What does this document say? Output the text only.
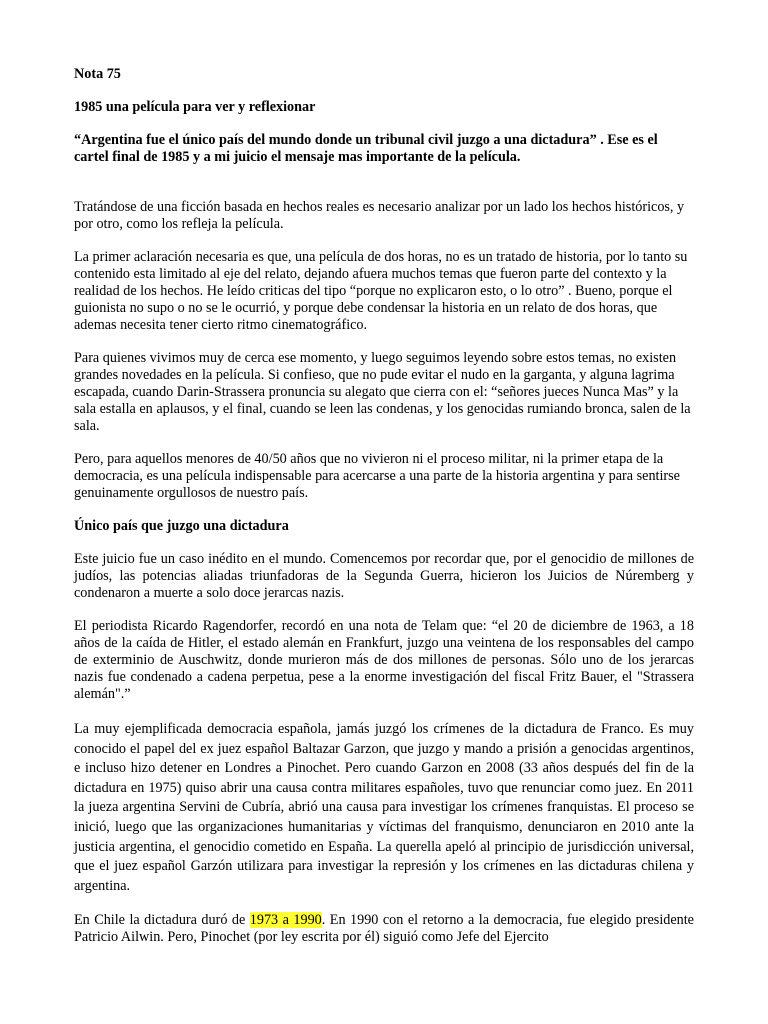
Nota 75

1985 una película para ver y reflexionar

“Argentina fue el único país del mundo donde un tribunal civil juzgo a una dictadura” . Ese es el cartel final de 1985 y a mi juicio el mensaje mas importante de la película.

Tratándose de una ficción basada en hechos reales es necesario analizar por un lado los hechos históricos, y por otro, como los refleja la película.

La primer aclaración necesaria es que, una película de dos horas, no es un tratado de historia, por lo tanto su contenido esta limitado al eje del relato, dejando afuera muchos temas que fueron parte del contexto y la realidad de los hechos. He leído criticas del tipo “porque no explicaron esto, o lo otro” . Bueno, porque el guionista no supo o no se le ocurrió, y porque debe condensar la historia en un relato de dos horas, que ademas necesita tener cierto ritmo cinematográfico.

Para quienes vivimos muy de cerca ese momento, y luego seguimos leyendo sobre estos temas, no existen grandes novedades en la película. Si confieso, que no pude evitar el nudo en la garganta, y alguna lagrima escapada, cuando Darin-Strassera pronuncia su alegato que cierra con el: “señores jueces Nunca Mas” y la sala estalla en aplausos, y el final, cuando se leen las condenas, y los genocidas rumiando bronca, salen de la sala.

Pero, para aquellos menores de 40/50 años que no vivieron ni el proceso militar, ni la primer etapa de la democracia, es una película indispensable para acercarse a una parte de la historia argentina y para sentirse genuinamente orgullosos de nuestro país.

Único país que juzgo una dictadura

Este juicio fue un caso inédito en el mundo. Comencemos por recordar que, por el genocidio de millones de judíos, las potencias aliadas triunfadoras de la Segunda Guerra, hicieron los Juicios de Núremberg y condenaron a muerte a solo doce jerarcas nazis.

El periodista Ricardo Ragendorfer, recordó en una nota de Telam que: “el 20 de diciembre de 1963, a 18 años de la caída de Hitler, el estado alemán en Frankfurt, juzgo una veintena de los responsables del campo de exterminio de Auschwitz, donde murieron más de dos millones de personas. Sólo uno de los jerarcas nazis fue condenado a cadena perpetua, pese a la enorme investigación del fiscal Fritz Bauer, el "Strassera alemán".”

La muy ejemplificada democracia española, jamás juzgó los crímenes de la dictadura de Franco. Es muy conocido el papel del ex juez español Baltazar Garzon, que juzgo y mando a prisión a genocidas argentinos, e incluso hizo detener en Londres a Pinochet. Pero cuando Garzon en 2008 (33 años después del fin de la dictadura en 1975) quiso abrir una causa contra militares españoles, tuvo que renunciar como juez. En 2011 la jueza argentina Servini de Cubría, abrió una causa para investigar los crímenes franquistas. El proceso se inició, luego que las organizaciones humanitarias y víctimas del franquismo, denunciaron en 2010 ante la justicia argentina, el genocidio cometido en España. La querella apeló al principio de jurisdicción universal, que el juez español Garzón utilizara para investigar la represión y los crímenes en las dictaduras chilena y argentina.

En Chile la dictadura duró de 1973 a 1990. En 1990 con el retorno a la democracia, fue elegido presidente Patricio Ailwin. Pero, Pinochet (por ley escrita por él) siguió como Jefe del Ejercito
